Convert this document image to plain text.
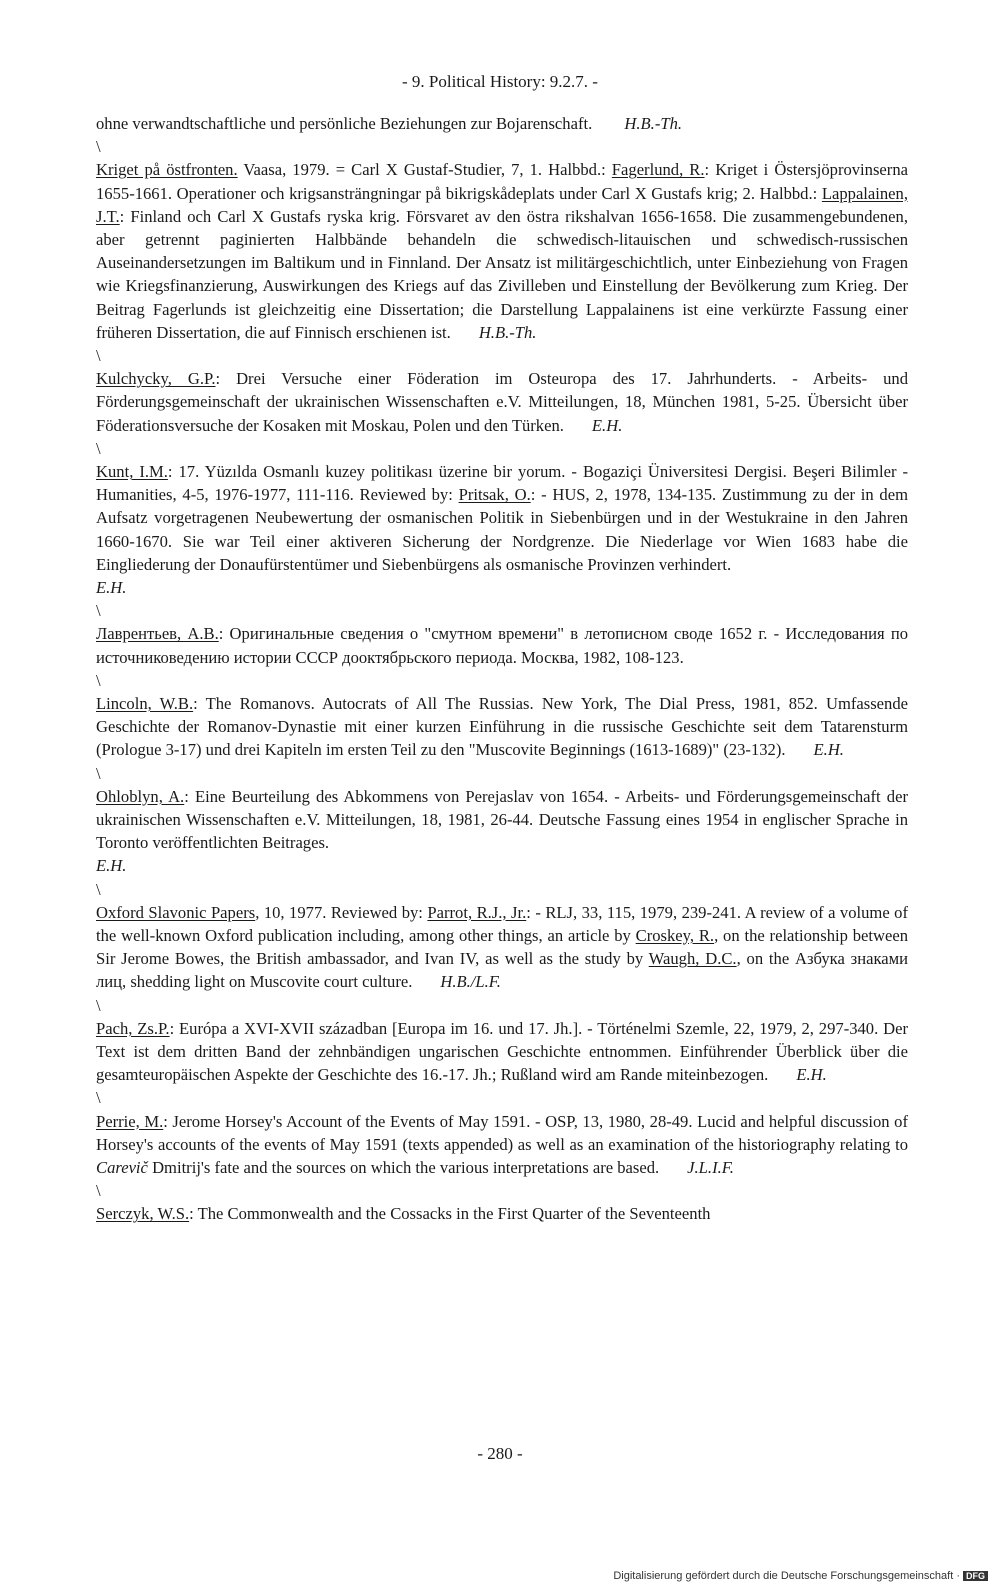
- 9. Political History: 9.2.7. -

ohne verwandtschaftliche und persönliche Beziehungen zur Bojarenschaft. H.B.-Th.

\

Kriget på östfronten. Vaasa, 1979. = Carl X Gustaf-Studier, 7, 1. Halbbd.: Fagerlund, R.: Kriget i Östersjöprovinserna 1655-1661. Operationer och krigsansträngningar på bikrigskådeplats under Carl X Gustafs krig; 2. Halbbd.: Lappalainen, J.T.: Finland och Carl X Gustafs ryska krig. Försvaret av den östra rikshalvan 1656-1658. Die zusammengebundenen, aber getrennt paginierten Halbbände behandeln die schwedisch-litauischen und schwedisch-russischen Auseinandersetzungen im Baltikum und in Finnland. Der Ansatz ist militärgeschichtlich, unter Einbeziehung von Fragen wie Kriegsfinanzierung, Auswirkungen des Kriegs auf das Zivilleben und Einstellung der Bevölkerung zum Krieg. Der Beitrag Fagerlunds ist gleichzeitig eine Dissertation; die Darstellung Lappalainens ist eine verkürzte Fassung einer früheren Dissertation, die auf Finnisch erschienen ist. H.B.-Th.

\

Kulchycky, G.P.: Drei Versuche einer Föderation im Osteuropa des 17. Jahrhunderts. - Arbeits- und Förderungsgemeinschaft der ukrainischen Wissenschaften e.V. Mitteilungen, 18, München 1981, 5-25. Übersicht über Föderationsversuche der Kosaken mit Moskau, Polen und den Türken. E.H.

\

Kunt, I.M.: 17. Yüzılda Osmanlı kuzey politikası üzerine bir yorum. - Bogaziçi Üniversitesi Dergisi. Beşeri Bilimler - Humanities, 4-5, 1976-1977, 111-116. Reviewed by: Pritsak, O.: - HUS, 2, 1978, 134-135. Zustimmung zu der in dem Aufsatz vorgetragenen Neubewertung der osmanischen Politik in Siebenbürgen und in der Westukraine in den Jahren 1660-1670. Sie war Teil einer aktiveren Sicherung der Nordgrenze. Die Niederlage vor Wien 1683 habe die Eingliederung der Donaufürstentümer und Siebenbürgens als osmanische Provinzen verhindert.
E.H.

\

Лаврентьев, А.В.: Оригинальные сведения о "смутном времени" в летописном своде 1652 г. - Исследования по источниковедению истории СССР дооктябрьского периода. Москва, 1982, 108-123.

\

Lincoln, W.B.: The Romanovs. Autocrats of All The Russias. New York, The Dial Press, 1981, 852. Umfassende Geschichte der Romanov-Dynastie mit einer kurzen Einführung in die russische Geschichte seit dem Tatarensturm (Prologue 3-17) und drei Kapiteln im ersten Teil zu den "Muscovite Beginnings (1613-1689)" (23-132). E.H.

\

Ohloblyn, A.: Eine Beurteilung des Abkommens von Perejaslav von 1654. - Arbeits- und Förderungsgemeinschaft der ukrainischen Wissenschaften e.V. Mitteilungen, 18, 1981, 26-44. Deutsche Fassung eines 1954 in englischer Sprache in Toronto veröffentlichten Beitrages.
E.H.

\

Oxford Slavonic Papers, 10, 1977. Reviewed by: Parrot, R.J., Jr.: - RLJ, 33, 115, 1979, 239-241. A review of a volume of the well-known Oxford publication including, among other things, an article by Croskey, R., on the relationship between Sir Jerome Bowes, the British ambassador, and Ivan IV, as well as the study by Waugh, D.C., on the Азбука знаками лиц, shedding light on Muscovite court culture. H.B./L.F.

\

Pach, Zs.P.: Európa a XVI-XVII században [Europa im 16. und 17. Jh.]. - Történelmi Szemle, 22, 1979, 2, 297-340. Der Text ist dem dritten Band der zehnbändigen ungarischen Geschichte entnommen. Einführender Überblick über die gesamteuropäischen Aspekte der Geschichte des 16.-17. Jh.; Rußland wird am Rande miteinbezogen. E.H.

\

Perrie, M.: Jerome Horsey's Account of the Events of May 1591. - OSP, 13, 1980, 28-49. Lucid and helpful discussion of Horsey's accounts of the events of May 1591 (texts appended) as well as an examination of the historiography relating to Carevič Dmitrij's fate and the sources on which the various interpretations are based. J.L.I.F.

\

Serczyk, W.S.: The Commonwealth and the Cossacks in the First Quarter of the Seventeenth

- 280 -
Digitalisierung gefördert durch die Deutsche Forschungsgemeinschaft · DFG
